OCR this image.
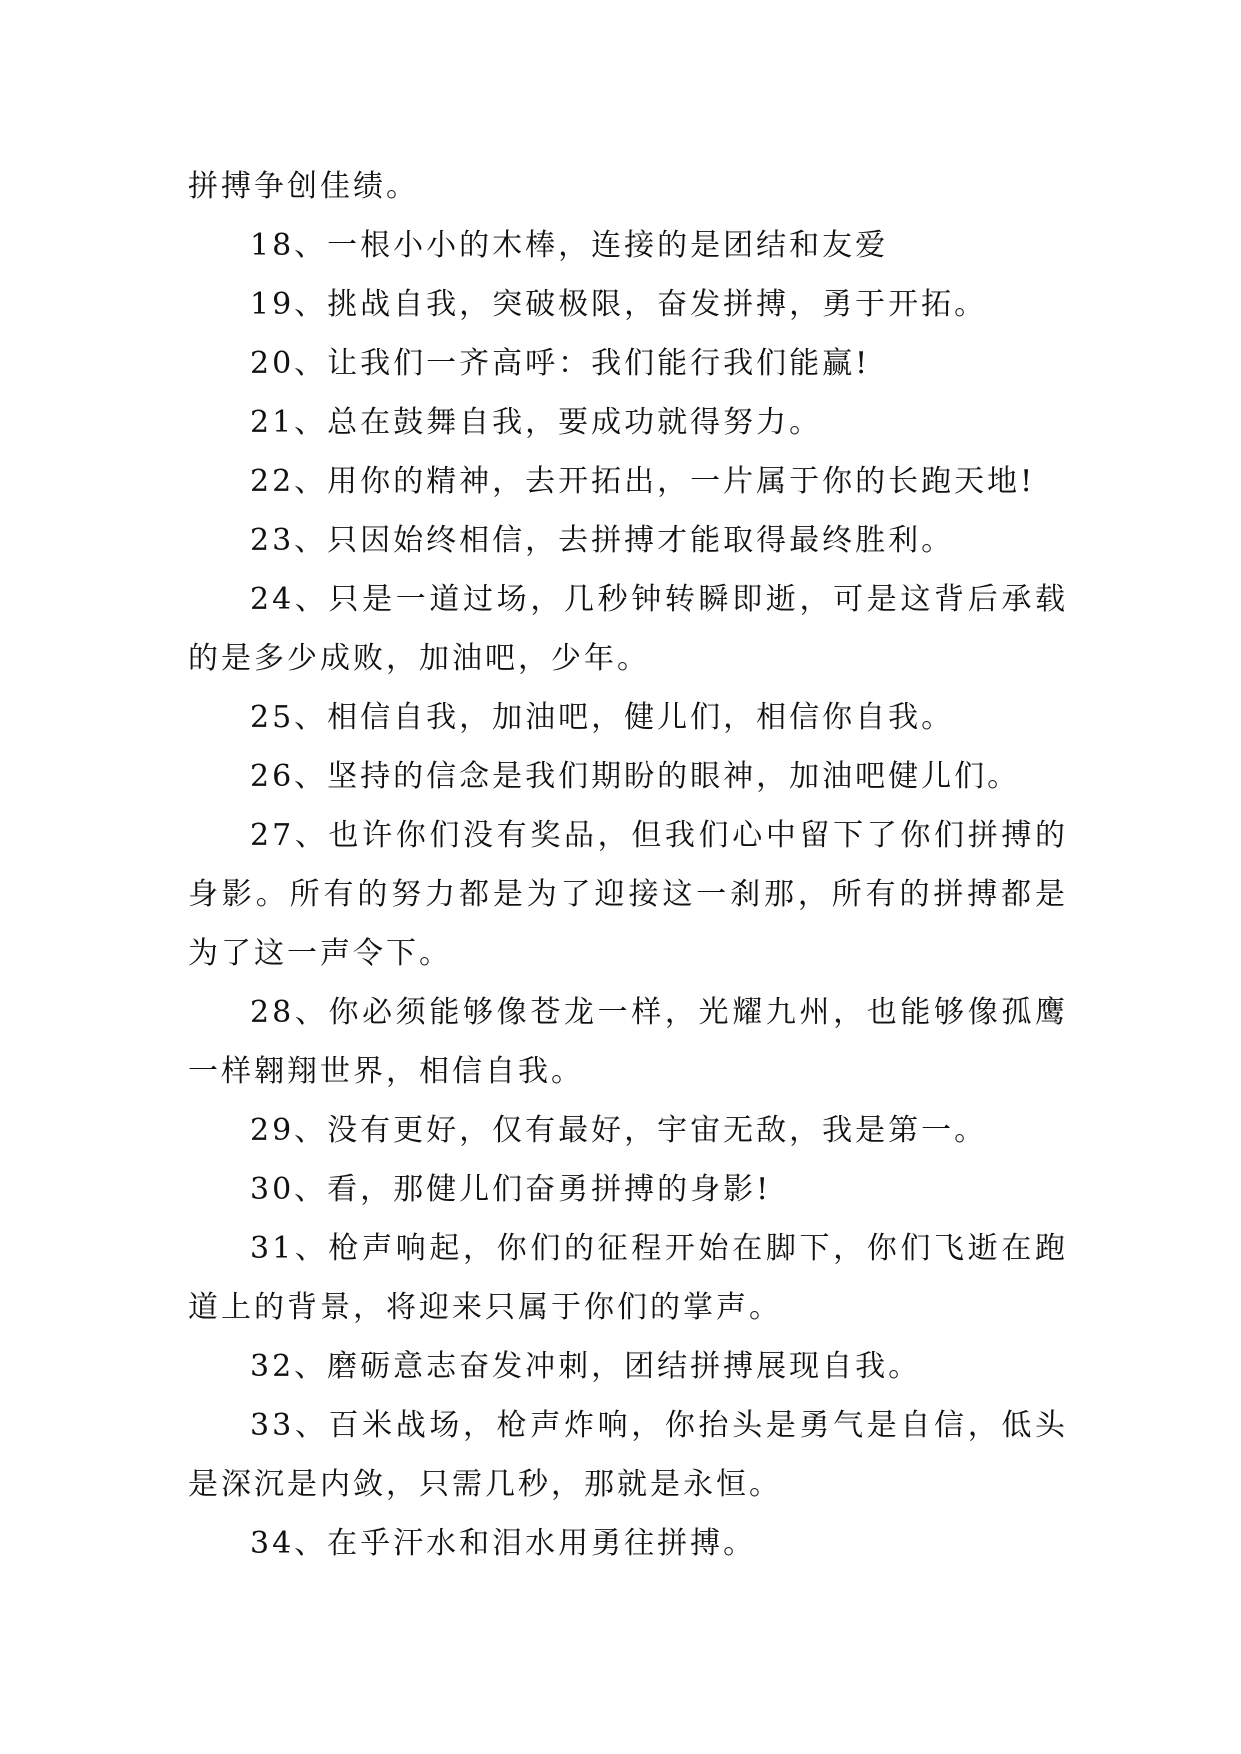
拼搏争创佳绩。

18、一根小小的木棒，连接的是团结和友爱

19、挑战自我，突破极限，奋发拼搏，勇于开拓。

20、让我们一齐高呼：我们能行我们能赢!

21、总在鼓舞自我，要成功就得努力。

22、用你的精神，去开拓出，一片属于你的长跑天地!

23、只因始终相信，去拼搏才能取得最终胜利。

24、只是一道过场，几秒钟转瞬即逝，可是这背后承载的是多少成败，加油吧，少年。

25、相信自我，加油吧，健儿们，相信你自我。

26、坚持的信念是我们期盼的眼神，加油吧健儿们。

27、也许你们没有奖品，但我们心中留下了你们拼搏的身影。所有的努力都是为了迎接这一刹那，所有的拼搏都是为了这一声令下。

28、你必须能够像苍龙一样，光耀九州，也能够像孤鹰一样翱翔世界，相信自我。

29、没有更好，仅有最好，宇宙无敌，我是第一。

30、看，那健儿们奋勇拼搏的身影!

31、枪声响起，你们的征程开始在脚下，你们飞逝在跑道上的背景，将迎来只属于你们的掌声。

32、磨砺意志奋发冲刺，团结拼搏展现自我。

33、百米战场，枪声炸响，你抬头是勇气是自信，低头是深沉是内敛，只需几秒，那就是永恒。

34、在乎汗水和泪水用勇往拼搏。
